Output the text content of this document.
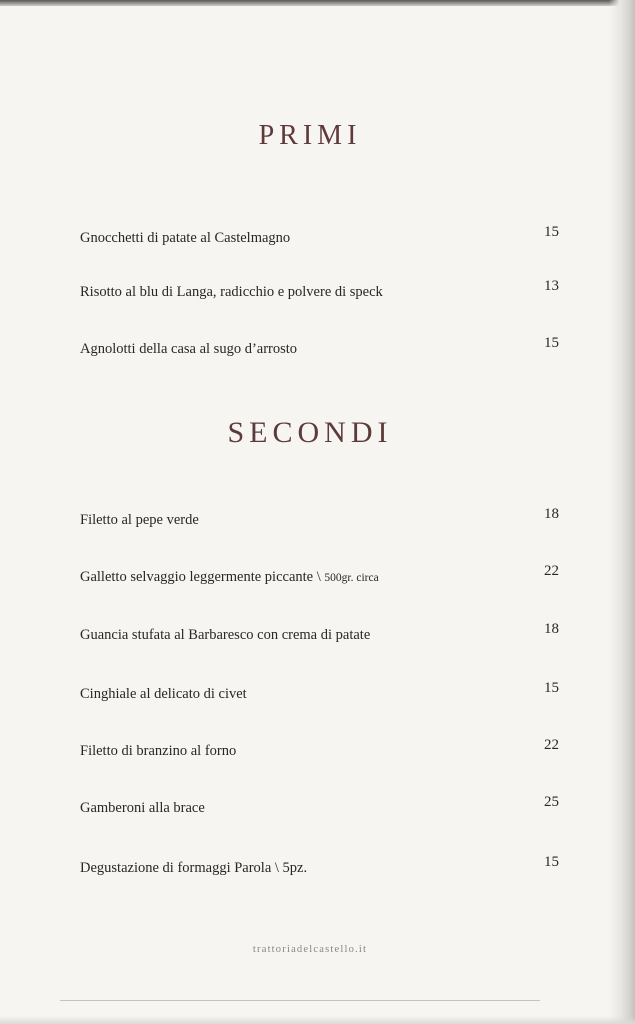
PRIMI
Gnocchetti di patate al Castelmagno	15
Risotto al blu di Langa, radicchio e polvere di speck	13
Agnolotti della casa al sugo d’arrosto	15
SECONDI
Filetto al pepe verde	18
Galletto selvaggio leggermente piccante \ 500gr. circa	22
Guancia stufata al Barbaresco con crema di patate	18
Cinghiale al delicato di civet	15
Filetto di branzino al forno	22
Gamberoni alla brace	25
Degustazione di formaggi Parola \ 5pz.	15
trattoriadelcastello.it
